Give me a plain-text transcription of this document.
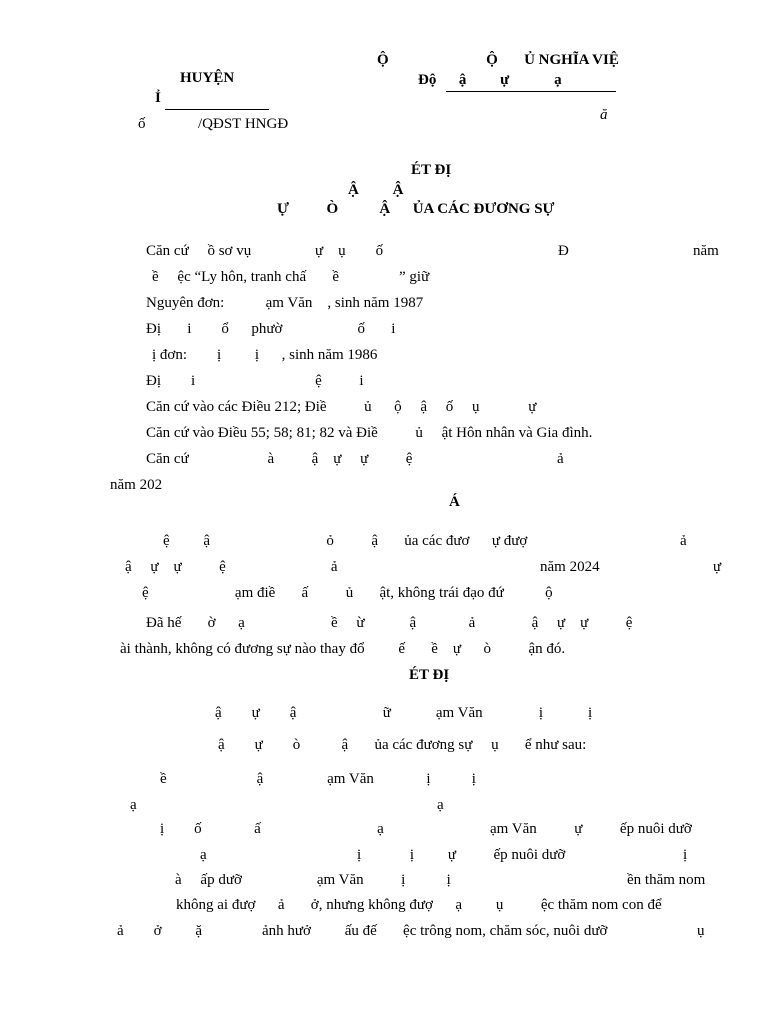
HUYỆN
Ỉ
ố              /QĐST HNGĐ
Ộ                          Ộ       Ủ NGHĨA VIỆ
Độ      ậ         ự            ạ
ă
ÉT ĐỊ
Ậ         Ậ
Ự          Ò           Ậ      ỦA CÁC ĐƯƠNG SỰ
Căn cứ     ồ sơ vụ                 ự    ụ        ố	Đ	năm
ề     ệc “Ly hôn, tranh chấ       ề                ” giữ
Nguyên đơn:           ạm Văn    , sinh năm 1987
Đị       i        ổ      phườ                    ố       i
ị đơn:        ị         ị      , sinh năm 1986
Đị        i                                ệ          i
Căn cứ vào các Điều 212; Điề          ủ      ộ     ậ     ố     ụ             ự
Căn cứ vào Điều 55; 58; 81; 82 và Điề          ủ     ật Hôn nhân và Gia đình.
Căn cứ                     à          ậ    ự     ự          ệ	ả
năm 202
Á
ệ         ậ                               ỏ          ậ       ủa các đươ      ự đượ	ả
ậ     ự    ự          ệ                            ả	năm 2024	ự
ệ                       ạm điề       ấ          ủ       ật, không trái đạo đứ           ộ
Đã hế       ờ      ạ                       ề     ừ            ậ              ả               ậ     ự    ự          ệ
ài thành, không có đương sự nào thay đổ         ế       ề    ự      ò          ận đó.
ÉT ĐỊ
ậ        ự        ậ                       ữ            ạm Văn               ị            ị
ậ        ự        ò           ậ       ủa các đương sự     ụ       ể như sau:
ề                        ậ                 ạm Văn              ị           ị
ạ	ạ
ị        ố              ấ                               ạ	ạm Văn          ự          ếp nuôi dưỡ
ạ	ị             ị         ự          ếp nuôi dưỡ	ị
à     ấp dưỡ                    ạm Văn          ị           ị	ền thăm nom
không ai đượ      ả       ở, nhưng không đượ      ạ         ụ          ệc thăm nom con để
ả        ở         ặ                ảnh hưở         ấu đế       ệc trông nom, chăm sóc, nuôi dưỡ	ụ
